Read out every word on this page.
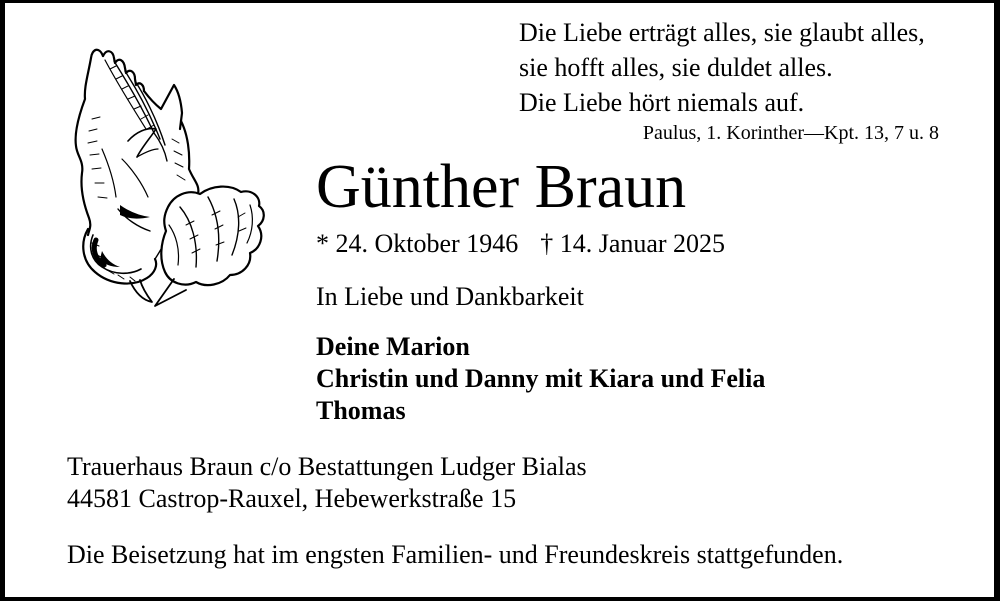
Die Liebe erträgt alles, sie glaubt alles,
sie hofft alles, sie duldet alles.
Die Liebe hört niemals auf.
Paulus, 1. Korinther—Kpt. 13, 7 u. 8
Günther Braun
* 24. Oktober 1946 † 14. Januar 2025
In Liebe und Dankbarkeit
Deine Marion
Christin und Danny mit Kiara und Felia
Thomas
Trauerhaus Braun c/o Bestattungen Ludger Bialas
44581 Castrop-Rauxel, Hebewerkstraße 15
Die Beisetzung hat im engsten Familien- und Freundeskreis stattgefunden.
